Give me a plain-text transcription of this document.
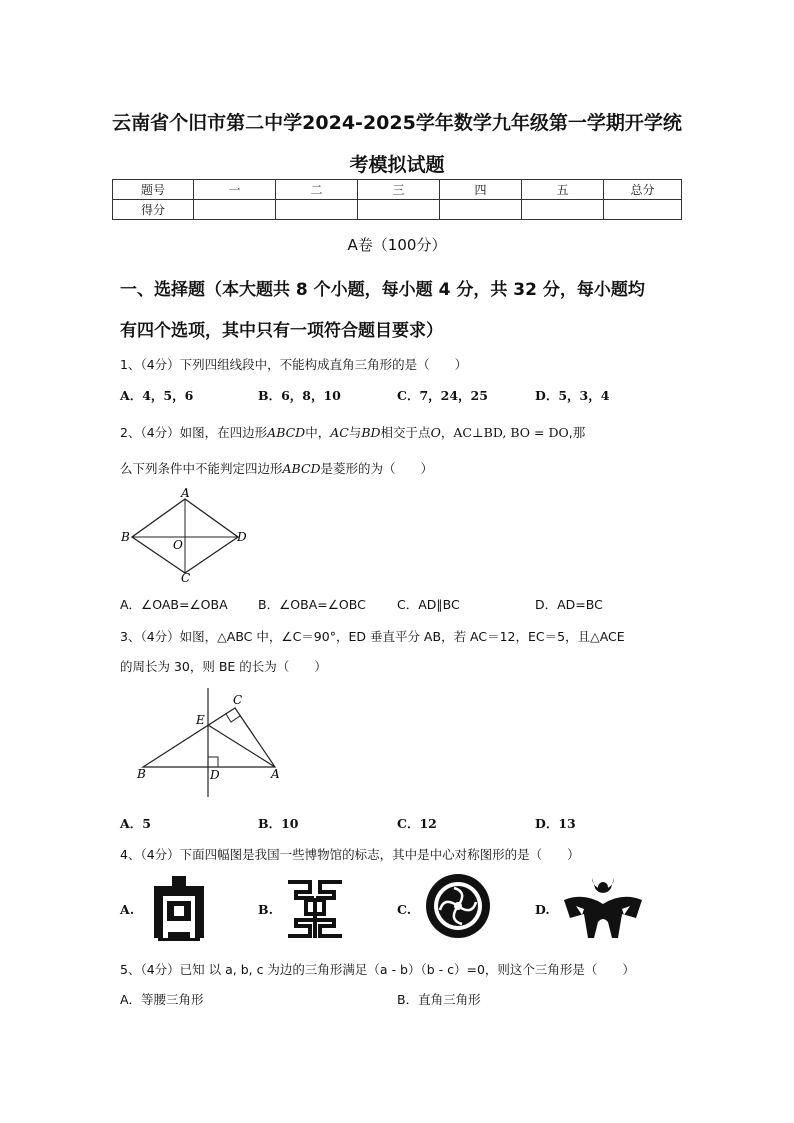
云南省个旧市第二中学2024-2025学年数学九年级第一学期开学统
考模拟试题
题号	一	二	三	四	五	总分
得分						
A卷（100分）
一、选择题（本大题共 8 个小题，每小题 4 分，共 32 分，每小题均
有四个选项，其中只有一项符合题目要求）
1、（4分）下列四组线段中，不能构成直角三角形的是（　　）
A．4，5，6	B．6，8，10	C．7，24，25	D．5，3，4
2、（4分）如图，在四边形ABCD中，AC与BD相交于点O，AC⊥BD, BO = DO,那
么下列条件中不能判定四边形ABCD是菱形的为（　　）
A
B
C
D
O
A．∠OAB=∠OBA B．∠OBA=∠OBC C．AD∥BC	D．AD=BC
3、（4分）如图，△ABC 中，∠C＝90°，ED 垂直平分 AB，若 AC＝12，EC＝5，且△ACE
的周长为 30，则 BE 的长为（　　）
B	A
C
E
D
A．5	B．10	C．12	D．13
4、（4分）下面四幅图是我国一些博物馆的标志，其中是中心对称图形的是（　　）
A.	B.	C.	D.
5、（4分）已知 以 a, b, c 为边的三角形满足（a - b）（b - c）=0，则这个三角形是（　　）
A．等腰三角形	B．直角三角形
